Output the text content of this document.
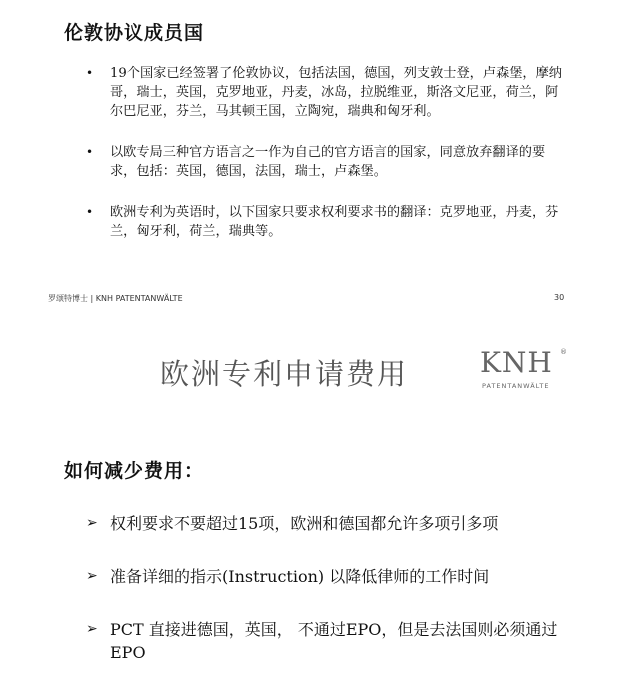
伦敦协议成员国
• 19个国家已经签署了伦敦协议，包括法国，德国，列支敦士登，卢森堡，摩纳哥，瑞士，英国，克罗地亚，丹麦，冰岛，拉脱维亚，斯洛文尼亚，荷兰，阿尔巴尼亚，芬兰，马其顿王国，立陶宛，瑞典和匈牙利。
• 以欧专局三种官方语言之一作为自己的官方语言的国家，同意放弃翻译的要求，包括：英国，德国，法国，瑞士，卢森堡。
• 欧洲专利为英语时，以下国家只要求权利要求书的翻译：克罗地亚，丹麦，芬兰，匈牙利，荷兰，瑞典等。
罗颂特博士 | KNH PATENTANWÄLTE	30
欧洲专利申请费用	KNH ®
PATENTANWÄLTE
如何减少费用：
➢ 权利要求不要超过15项，欧洲和德国都允许多项引多项
➢ 准备详细的指示(Instruction) 以降低律师的工作时间
➢ PCT 直接进德国，英国， 不通过EPO，但是去法国则必须通过EPO
